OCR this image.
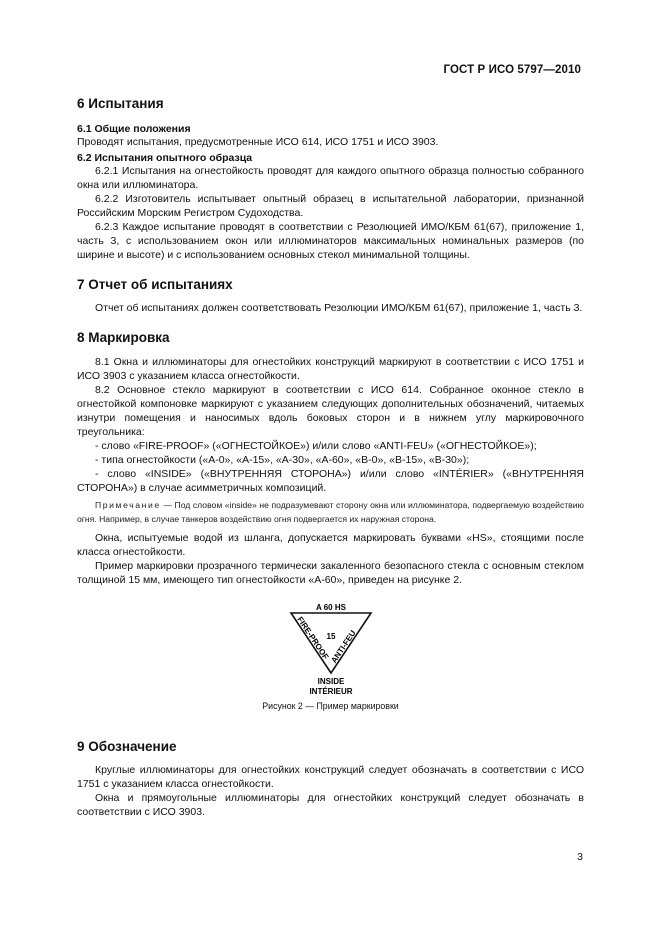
ГОСТ Р ИСО 5797—2010
6 Испытания
6.1 Общие положения

Проводят испытания, предусмотренные ИСО 614, ИСО 1751 и ИСО 3903.

6.2 Испытания опытного образца

6.2.1 Испытания на огнестойкость проводят для каждого опытного образца полностью собранного окна или иллюминатора.

6.2.2 Изготовитель испытывает опытный образец в испытательной лаборатории, признанной Российским Морским Регистром Судоходства.

6.2.3 Каждое испытание проводят в соответствии с Резолюцией ИМО/КБМ 61(67), приложение 1, часть 3, с использованием окон или иллюминаторов максимальных номинальных размеров (по ширине и высоте) и с использованием основных стекол минимальной толщины.

7 Отчет об испытаниях

Отчет об испытаниях должен соответствовать Резолюции ИМО/КБМ 61(67), приложение 1, часть 3.

8 Маркировка

8.1 Окна и иллюминаторы для огнестойких конструкций маркируют в соответствии с ИСО 1751 и ИСО 3903 с указанием класса огнестойкости.

8.2 Основное стекло маркируют в соответствии с ИСО 614. Собранное оконное стекло в огнестойкой компоновке маркируют с указанием следующих дополнительных обозначений, читаемых изнутри помещения и наносимых вдоль боковых сторон и в нижнем углу маркировочного треугольника:

- слово «FIRE-PROOF» («ОГНЕСТОЙКОЕ») и/или слово «ANTI-FEU» («ОГНЕСТОЙКОЕ»);

- типа огнестойкости («А-0», «А-15», «А-30», «А-60», «В-0», «В-15», «В-30»);

- слово «INSIDE» («ВНУТРЕННЯЯ СТОРОНА») и/или слово «INTÉRIER» («ВНУТРЕННЯЯ СТОРОНА») в случае асимметричных композиций.

Примечание — Под словом «inside» не подразумевают сторону окна или иллюминатора, подвергаемую воздействию огня. Например, в случае танкеров воздействию огня подвергается их наружная сторона.

Окна, испытуемые водой из шланга, допускается маркировать буквами «HS», стоящими после класса огнестойкости.

Пример маркировки прозрачного термически закаленного безопасного стекла с основным стеклом толщиной 15 мм, имеющего тип огнестойкости «А-60», приведен на рисунке 2.

A 60 HS
FIRE-PROOF ANTI-FEU
15
INSIDE
INTÉRIEUR
Рисунок 2 — Пример маркировки
9 Обозначение

Круглые иллюминаторы для огнестойких конструкций следует обозначать в соответствии с ИСО 1751 с указанием класса огнестойкости.

Окна и прямоугольные иллюминаторы для огнестойких конструкций следует обозначать в соответствии с ИСО 3903.

3
